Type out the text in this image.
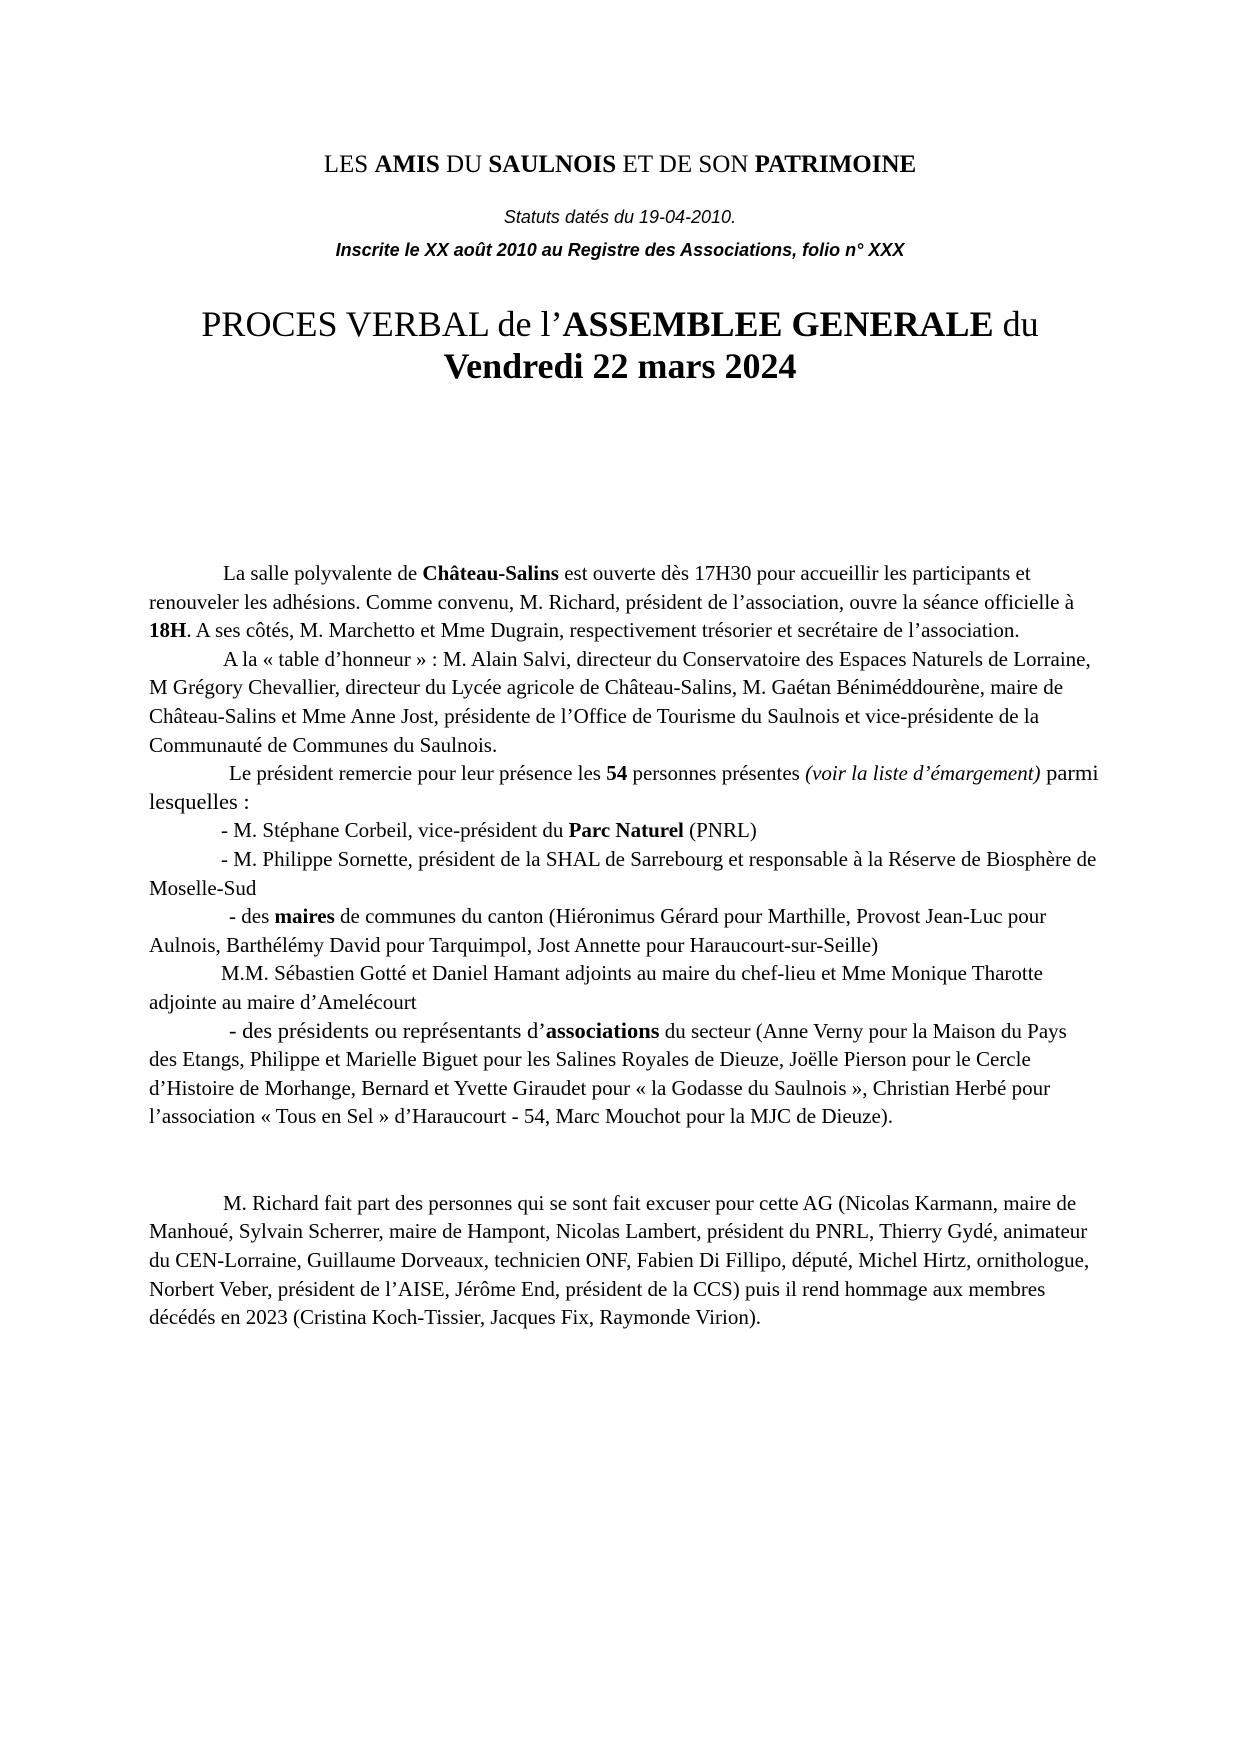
LES AMIS DU SAULNOIS ET DE SON PATRIMOINE
Statuts datés du 19-04-2010.
Inscrite le XX août 2010 au Registre des Associations, folio n° XXX
PROCES VERBAL de l’ASSEMBLEE GENERALE du
Vendredi 22 mars 2024

La salle polyvalente de Château-Salins est ouverte dès 17H30 pour accueillir les participants et renouveler les adhésions. Comme convenu, M. Richard, président de l’association, ouvre la séance officielle à 18H. A ses côtés, M. Marchetto et Mme Dugrain, respectivement trésorier et secrétaire de l’association.

A la « table d’honneur » : M. Alain Salvi, directeur du Conservatoire des Espaces Naturels de Lorraine, M Grégory Chevallier, directeur du Lycée agricole de Château-Salins, M. Gaétan Béniméddourène, maire de Château-Salins et Mme Anne Jost, présidente de l’Office de Tourisme du Saulnois et vice-présidente de la Communauté de Communes du Saulnois.

Le président remercie pour leur présence les 54 personnes présentes (voir la liste d’émargement) parmi lesquelles :

- M. Stéphane Corbeil, vice-président du Parc Naturel (PNRL)

- M. Philippe Sornette, président de la SHAL de Sarrebourg et responsable à la Réserve de Biosphère de Moselle-Sud

- des maires de communes du canton (Hiéronimus Gérard pour Marthille, Provost Jean-Luc pour Aulnois, Barthélémy David pour Tarquimpol, Jost Annette pour Haraucourt-sur-Seille)

M.M. Sébastien Gotté et Daniel Hamant adjoints au maire du chef-lieu et Mme Monique Tharotte adjointe au maire d’Amelécourt

- des présidents ou représentants d’associations du secteur (Anne Verny pour la Maison du Pays des Etangs, Philippe et Marielle Biguet pour les Salines Royales de Dieuze, Joëlle Pierson pour le Cercle d’Histoire de Morhange, Bernard et Yvette Giraudet pour « la Godasse du Saulnois », Christian Herbé pour l’association « Tous en Sel » d’Haraucourt - 54, Marc Mouchot pour la MJC de Dieuze).

M. Richard fait part des personnes qui se sont fait excuser pour cette AG (Nicolas Karmann, maire de Manhoué, Sylvain Scherrer, maire de Hampont, Nicolas Lambert, président du PNRL, Thierry Gydé, animateur du CEN-Lorraine, Guillaume Dorveaux, technicien ONF, Fabien Di Fillipo, député, Michel Hirtz, ornithologue, Norbert Veber, président de l’AISE, Jérôme End, président de la CCS) puis il rend hommage aux membres décédés en 2023 (Cristina Koch-Tissier, Jacques Fix, Raymonde Virion).
